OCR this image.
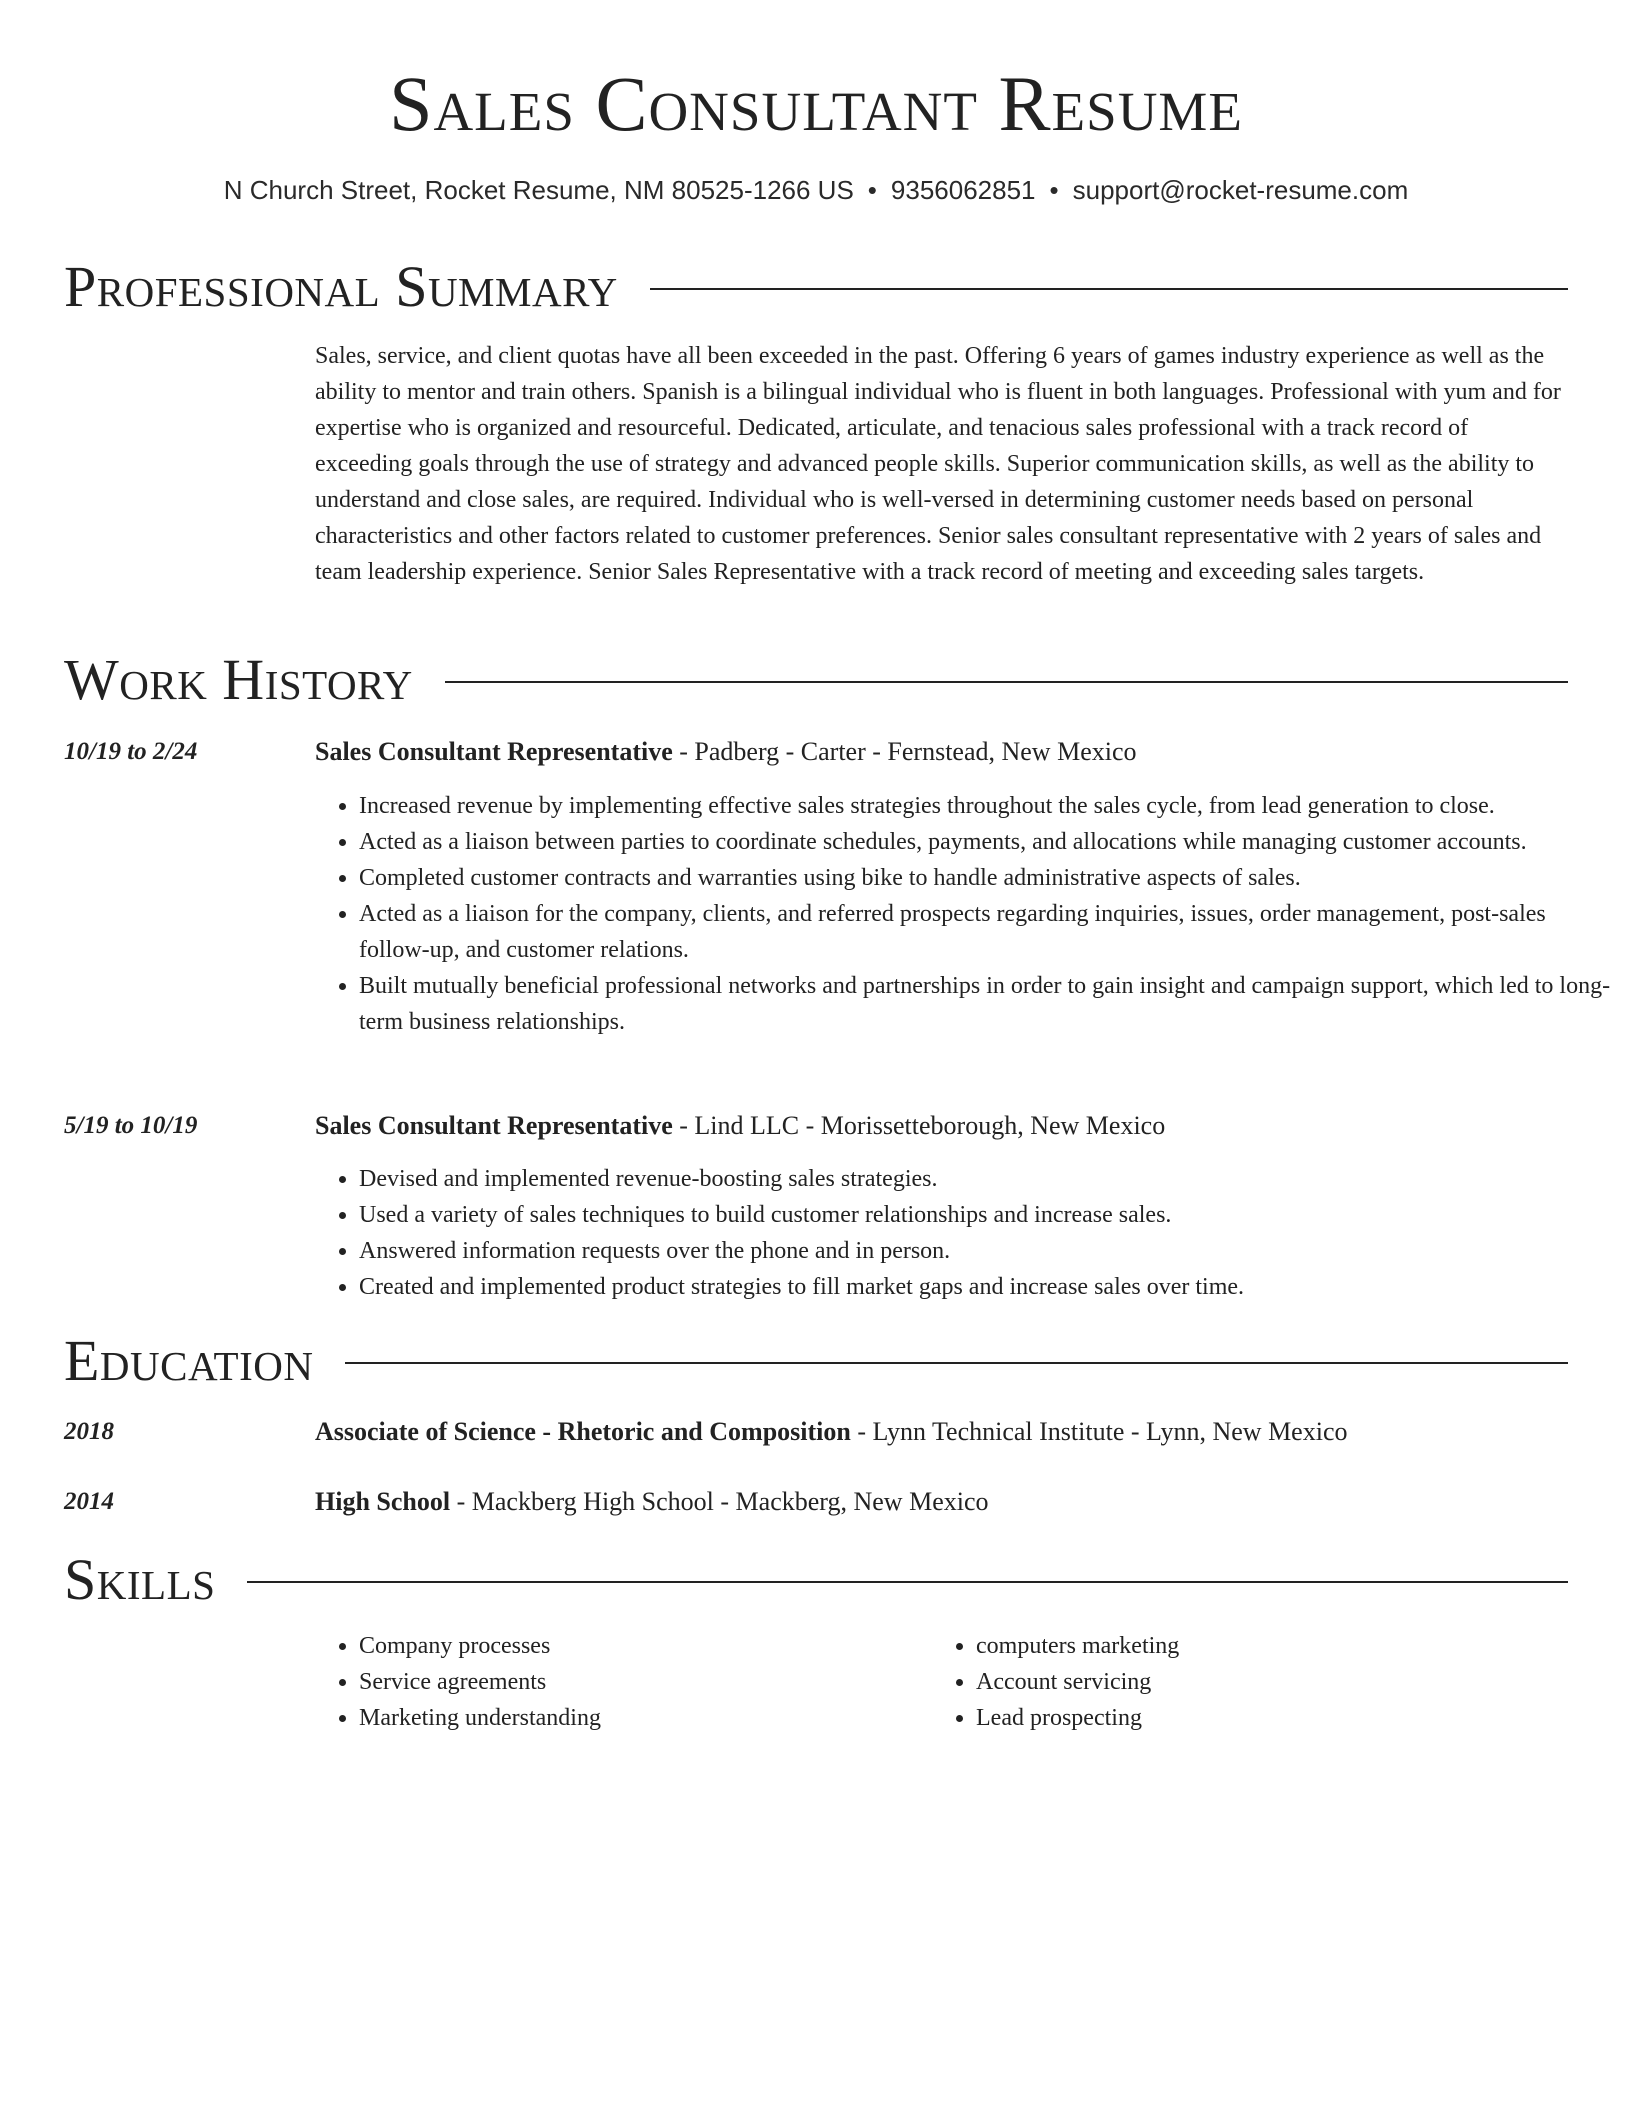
Sales Consultant Resume
N Church Street, Rocket Resume, NM 80525-1266 US • 9356062851 • support@rocket-resume.com
Professional Summary
Sales, service, and client quotas have all been exceeded in the past. Offering 6 years of games industry experience as well as the ability to mentor and train others. Spanish is a bilingual individual who is fluent in both languages. Professional with yum and for expertise who is organized and resourceful. Dedicated, articulate, and tenacious sales professional with a track record of exceeding goals through the use of strategy and advanced people skills. Superior communication skills, as well as the ability to understand and close sales, are required. Individual who is well-versed in determining customer needs based on personal characteristics and other factors related to customer preferences. Senior sales consultant representative with 2 years of sales and team leadership experience. Senior Sales Representative with a track record of meeting and exceeding sales targets.
Work History
10/19 to 2/24	Sales Consultant Representative - Padberg - Carter - Fernstead, New Mexico
• Increased revenue by implementing effective sales strategies throughout the sales cycle, from lead generation to close.
• Acted as a liaison between parties to coordinate schedules, payments, and allocations while managing customer accounts.
• Completed customer contracts and warranties using bike to handle administrative aspects of sales.
• Acted as a liaison for the company, clients, and referred prospects regarding inquiries, issues, order management, post-sales follow-up, and customer relations.
• Built mutually beneficial professional networks and partnerships in order to gain insight and campaign support, which led to long-term business relationships.
5/19 to 10/19	Sales Consultant Representative - Lind LLC - Morissetteborough, New Mexico
• Devised and implemented revenue-boosting sales strategies.
• Used a variety of sales techniques to build customer relationships and increase sales.
• Answered information requests over the phone and in person.
• Created and implemented product strategies to fill market gaps and increase sales over time.
Education
2018	Associate of Science - Rhetoric and Composition - Lynn Technical Institute - Lynn, New Mexico
2014	High School - Mackberg High School - Mackberg, New Mexico
Skills
• Company processes
• Service agreements
• Marketing understanding
• computers marketing
• Account servicing
• Lead prospecting
